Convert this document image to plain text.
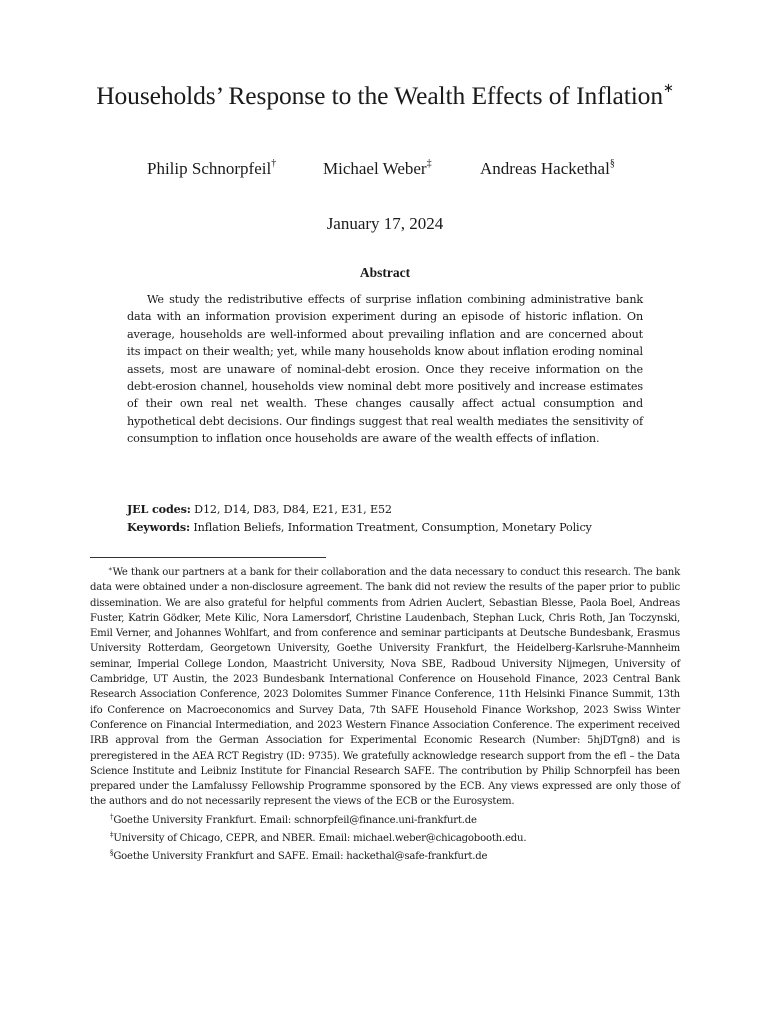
Households’ Response to the Wealth Effects of Inflation∗
Philip Schnorpfeil†	Michael Weber‡	Andreas Hackethal§
January 17, 2024
Abstract
We study the redistributive effects of surprise inflation combining administrative bank data with an information provision experiment during an episode of historic inflation. On average, households are well-informed about prevailing inflation and are concerned about its impact on their wealth; yet, while many households know about inflation eroding nominal assets, most are unaware of nominal-debt erosion. Once they receive information on the debt-erosion channel, households view nominal debt more positively and increase estimates of their own real net wealth. These changes causally affect actual consumption and hypothetical debt decisions. Our findings suggest that real wealth mediates the sensitivity of consumption to inflation once households are aware of the wealth effects of inflation.
JEL codes: D12, D14, D83, D84, E21, E31, E52
Keywords: Inflation Beliefs, Information Treatment, Consumption, Monetary Policy

∗We thank our partners at a bank for their collaboration and the data necessary to conduct this research. The bank data were obtained under a non-disclosure agreement. The bank did not review the results of the paper prior to public dissemination. We are also grateful for helpful comments from Adrien Auclert, Sebastian Blesse, Paola Boel, Andreas Fuster, Katrin Gödker, Mete Kilic, Nora Lamersdorf, Christine Laudenbach, Stephan Luck, Chris Roth, Jan Toczynski, Emil Verner, and Johannes Wohlfart, and from conference and seminar participants at Deutsche Bundesbank, Erasmus University Rotterdam, Georgetown University, Goethe University Frankfurt, the Heidelberg-Karlsruhe-Mannheim seminar, Imperial College London, Maastricht University, Nova SBE, Radboud University Nijmegen, University of Cambridge, UT Austin, the 2023 Bundesbank International Conference on Household Finance, 2023 Central Bank Research Association Conference, 2023 Dolomites Summer Finance Conference, 11th Helsinki Finance Summit, 13th ifo Conference on Macroeconomics and Survey Data, 7th SAFE Household Finance Workshop, 2023 Swiss Winter Conference on Financial Intermediation, and 2023 Western Finance Association Conference. The experiment received IRB approval from the German Association for Experimental Economic Research (Number: 5hjDTgn8) and is preregistered in the AEA RCT Registry (ID: 9735). We gratefully acknowledge research support from the efl – the Data Science Institute and Leibniz Institute for Financial Research SAFE. The contribution by Philip Schnorpfeil has been prepared under the Lamfalussy Fellowship Programme sponsored by the ECB. Any views expressed are only those of the authors and do not necessarily represent the views of the ECB or the Eurosystem.

†Goethe University Frankfurt. Email: schnorpfeil@finance.uni-frankfurt.de

‡University of Chicago, CEPR, and NBER. Email: michael.weber@chicagobooth.edu.

§Goethe University Frankfurt and SAFE. Email: hackethal@safe-frankfurt.de
